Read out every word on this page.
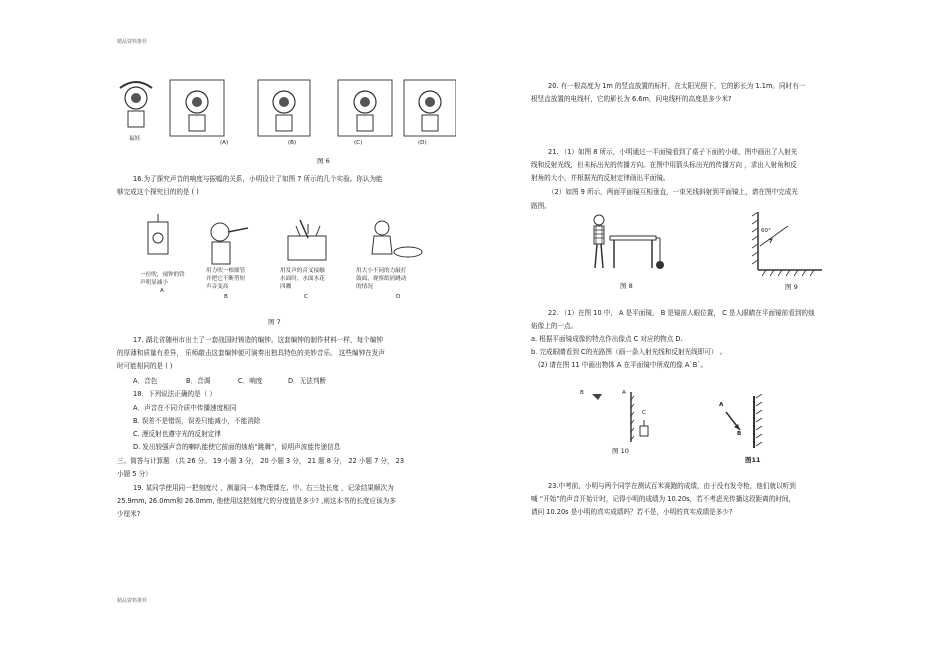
精品资料推荐
精品资料推荐
福娃
(A)	(B)	(C)	(D)
图 6
16.为了探究声音的响度与振幅的关系，小明设计了如图 7 所示的几个实验。你认为能
够完成这个探究目的的是 ( )
一拉吹，闹钟的铃
声明显减小
A
用力吹一根细管
并把它不断剪短
声音变高
B
用发声的音叉接触
水面时，水面水花
四溅
C
用大小不同的力敲打
鼓面，观察纸屑跳动
的情况
D
图 7
17. 湖北省随州市出土了一套战国时铸造的编钟。这套编钟的制作材料一样，每个编钟
的厚薄和质量有差异， 乐师敲击这套编钟便可演奏出独具特色的美妙音乐。 这些编钟在发声
时可能相同的是 ( )
A．音色	B．音调	C．响度	D．无法判断
18．下列说法正确的是（ ）
A．声音在不同介质中传播速度相同
B. 误差不是错误，误差只能减小，不能消除
C. 漫反射也遵守光的反射定律
D. 发出较强声音的喇叭能使它前面的烛焰“跳舞”，说明声波能传递信息
三、简答与计算题 （共 26 分。 19 小题 3 分， 20 小题 3 分， 21 题 8 分， 22 小题 7 分， 23
小题 5 分）
19. 某同学使用同一把刻度尺 ，测量同一本物理课左、中、右三处长度 ，记录结果顺次为
25.9mm, 26.0mm和 26.0mm, 他使用这把刻度尺的分度值是多少? ,则这本书的长度应该为多
少厘米?
20. 有一根高度为 1m 的竖直放置的标杆，在太阳光照下，它的影长为 1.1m。同时有一
根竖直放置的电线杆，它的影长为 6.6m，问电线杆的高度是多少米?
21. （1）如图 8 所示，小明通过一平面镜看到了桌子下面的小球，图中画出了入射光
线和反射光线，但未标出光的传播方向。在图中用箭头标出光的传播方向 ，求出入射角和反
射角的大小，并根据光的反射定律画出平面镜。
（2）如图 9 所示，两面平面镜互相垂直，一束光线斜射到平面镜上，请在图中完成光
路图。
图 8
60°
图 9
22. （1）在图 10 中， A 是平面镜， B 是镜前人眼位置， C 是人眼睛在平面镜前看到的烛
焰像上的一点。
a. 根据平面镜成像的特点作出像点 C 对应的物点 D.
b. 完成眼睛看到 C的光路图（画一条入射光线和反射光线即可） 。
(2) 请在图 11 中画出物体 A 在平面镜中所成的像 A`B`。
B
C
A
图 10
A
B
图11
23.中考前，小明与两个同学在测试百米赛跑的成绩，由于没有发令枪，他们就以听到
喊 “开始”的声音开始计时，记得小明的成绩为 10.20s，若不考虑光传播这段距离的时间，
请问 10.20s 是小明的真实成绩吗？若不是，小明的真实成绩是多少?
